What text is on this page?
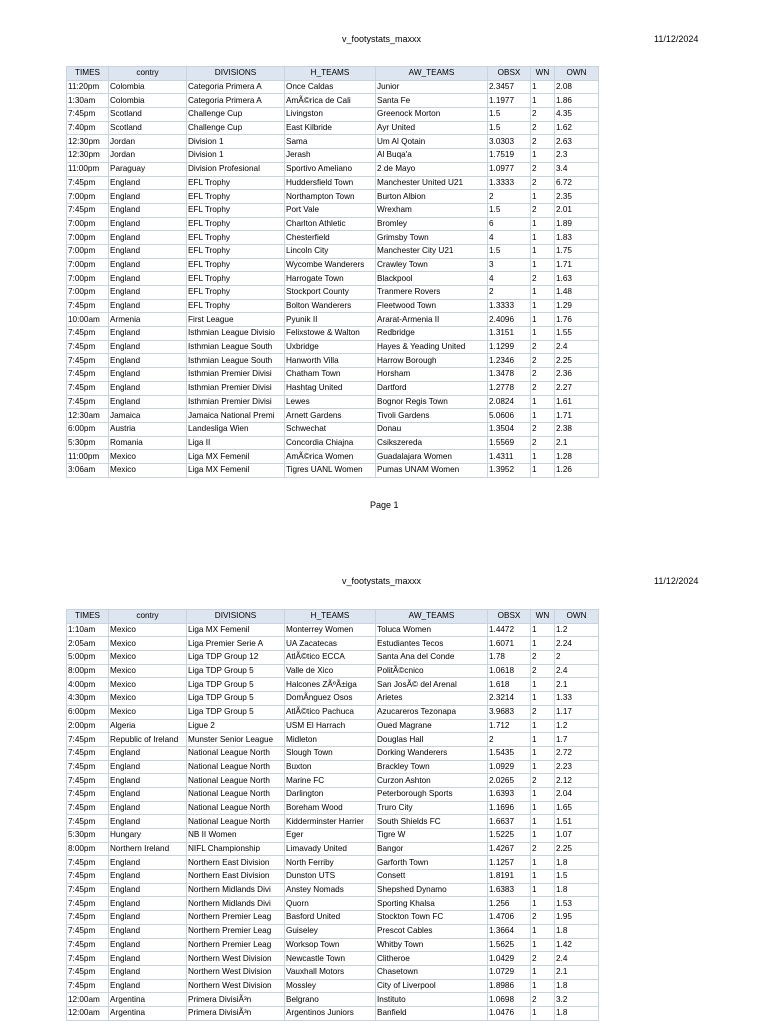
v_footystats_maxxx	11/12/2024
TIMES	contry	DIVISIONS	H_TEAMS	AW_TEAMS	OBSX	WN	OWN
11:20pm	Colombia	Categoria Primera A	Once Caldas	Junior	2.3457	1	2.08
1:30am	Colombia	Categoria Primera A	AmÃ©rica de Cali	Santa Fe	1.1977	1	1.86
7:45pm	Scotland	Challenge Cup	Livingston	Greenock Morton	1.5	2	4.35
7:40pm	Scotland	Challenge Cup	East Kilbride	Ayr United	1.5	2	1.62
12:30pm	Jordan	Division 1	Sama	Um Al Qotain	3.0303	2	2.63
12:30pm	Jordan	Division 1	Jerash	Al Buqa'a	1.7519	1	2.3
11:00pm	Paraguay	Division Profesional	Sportivo Ameliano	2 de Mayo	1.0977	2	3.4
7:45pm	England	EFL Trophy	Huddersfield Town	Manchester United U21	1.3333	2	6.72
7:00pm	England	EFL Trophy	Northampton Town	Burton Albion	2	1	2.35
7:45pm	England	EFL Trophy	Port Vale	Wrexham	1.5	2	2.01
7:00pm	England	EFL Trophy	Charlton Athletic	Bromley	6	1	1.89
7:00pm	England	EFL Trophy	Chesterfield	Grimsby Town	4	1	1.83
7:00pm	England	EFL Trophy	Lincoln City	Manchester City U21	1.5	1	1.75
7:00pm	England	EFL Trophy	Wycombe Wanderers	Crawley Town	3	1	1.71
7:00pm	England	EFL Trophy	Harrogate Town	Blackpool	4	2	1.63
7:00pm	England	EFL Trophy	Stockport County	Tranmere Rovers	2	1	1.48
7:45pm	England	EFL Trophy	Bolton Wanderers	Fleetwood Town	1.3333	1	1.29
10:00am	Armenia	First League	Pyunik II	Ararat-Armenia II	2.4096	1	1.76
7:45pm	England	Isthmian League Divisio	Felixstowe & Walton	Redbridge	1.3151	1	1.55
7:45pm	England	Isthmian League South	Uxbridge	Hayes & Yeading United	1.1299	2	2.4
7:45pm	England	Isthmian League South	Hanworth Villa	Harrow Borough	1.2346	2	2.25
7:45pm	England	Isthmian Premier Divisi	Chatham Town	Horsham	1.3478	2	2.36
7:45pm	England	Isthmian Premier Divisi	Hashtag United	Dartford	1.2778	2	2.27
7:45pm	England	Isthmian Premier Divisi	Lewes	Bognor Regis Town	2.0824	1	1.61
12:30am	Jamaica	Jamaica National Premi	Arnett Gardens	Tivoli Gardens	5.0606	1	1.71
6:00pm	Austria	Landesliga Wien	Schwechat	Donau	1.3504	2	2.38
5:30pm	Romania	Liga II	Concordia Chiajna	Csikszereda	1.5569	2	2.1
11:00pm	Mexico	Liga MX Femenil	AmÃ©rica Women	Guadalajara Women	1.4311	1	1.28
3:06am	Mexico	Liga MX Femenil	Tigres UANL Women	Pumas UNAM Women	1.3952	1	1.26
Page 1
v_footystats_maxxx	11/12/2024
TIMES	contry	DIVISIONS	H_TEAMS	AW_TEAMS	OBSX	WN	OWN
1:10am	Mexico	Liga MX Femenil	Monterrey Women	Toluca Women	1.4472	1	1.2
2:05am	Mexico	Liga Premier Serie A	UA Zacatecas	Estudiantes Tecos	1.6071	1	2.24
5:00pm	Mexico	Liga TDP Group 12	AtlÃ©tico ECCA	Santa Ana del Conde	1.78	2	2
8:00pm	Mexico	Liga TDP Group 5	Valle de Xico	PolitÃ©cnico	1.0618	2	2.4
4:00pm	Mexico	Liga TDP Group 5	Halcones ZÃºÃ±iga	San JosÃ© del Arenal	1.618	1	2.1
4:30pm	Mexico	Liga TDP Group 5	DomÃnguez Osos	Arietes	2.3214	1	1.33
6:00pm	Mexico	Liga TDP Group 5	AtlÃ©tico Pachuca	Azucareros Tezonapa	3.9683	2	1.17
2:00pm	Algeria	Ligue 2	USM El Harrach	Oued Magrane	1.712	1	1.2
7:45pm	Republic of Ireland	Munster Senior League	Midleton	Douglas Hall	2	1	1.7
7:45pm	England	National League North	Slough Town	Dorking Wanderers	1.5435	1	2.72
7:45pm	England	National League North	Buxton	Brackley Town	1.0929	1	2.23
7:45pm	England	National League North	Marine FC	Curzon Ashton	2.0265	2	2.12
7:45pm	England	National League North	Darlington	Peterborough Sports	1.6393	1	2.04
7:45pm	England	National League North	Boreham Wood	Truro City	1.1696	1	1.65
7:45pm	England	National League North	Kidderminster Harrier	South Shields FC	1.6637	1	1.51
5:30pm	Hungary	NB II Women	Eger	Tigre W	1.5225	1	1.07
8:00pm	Northern Ireland	NIFL Championship	Limavady United	Bangor	1.4267	2	2.25
7:45pm	England	Northern East Division	North Ferriby	Garforth Town	1.1257	1	1.8
7:45pm	England	Northern East Division	Dunston UTS	Consett	1.8191	1	1.5
7:45pm	England	Northern Midlands Divi	Anstey Nomads	Shepshed Dynamo	1.6383	1	1.8
7:45pm	England	Northern Midlands Divi	Quorn	Sporting Khalsa	1.256	1	1.53
7:45pm	England	Northern Premier Leag	Basford United	Stockton Town FC	1.4706	2	1.95
7:45pm	England	Northern Premier Leag	Guiseley	Prescot Cables	1.3664	1	1.8
7:45pm	England	Northern Premier Leag	Worksop Town	Whitby Town	1.5625	1	1.42
7:45pm	England	Northern West Division	Newcastle Town	Clitheroe	1.0429	2	2.4
7:45pm	England	Northern West Division	Vauxhall Motors	Chasetown	1.0729	1	2.1
7:45pm	England	Northern West Division	Mossley	City of Liverpool	1.8986	1	1.8
12:00am	Argentina	Primera DivisiÃ³n	Belgrano	Instituto	1.0698	2	3.2
12:00am	Argentina	Primera DivisiÃ³n	Argentinos Juniors	Banfield	1.0476	1	1.8
